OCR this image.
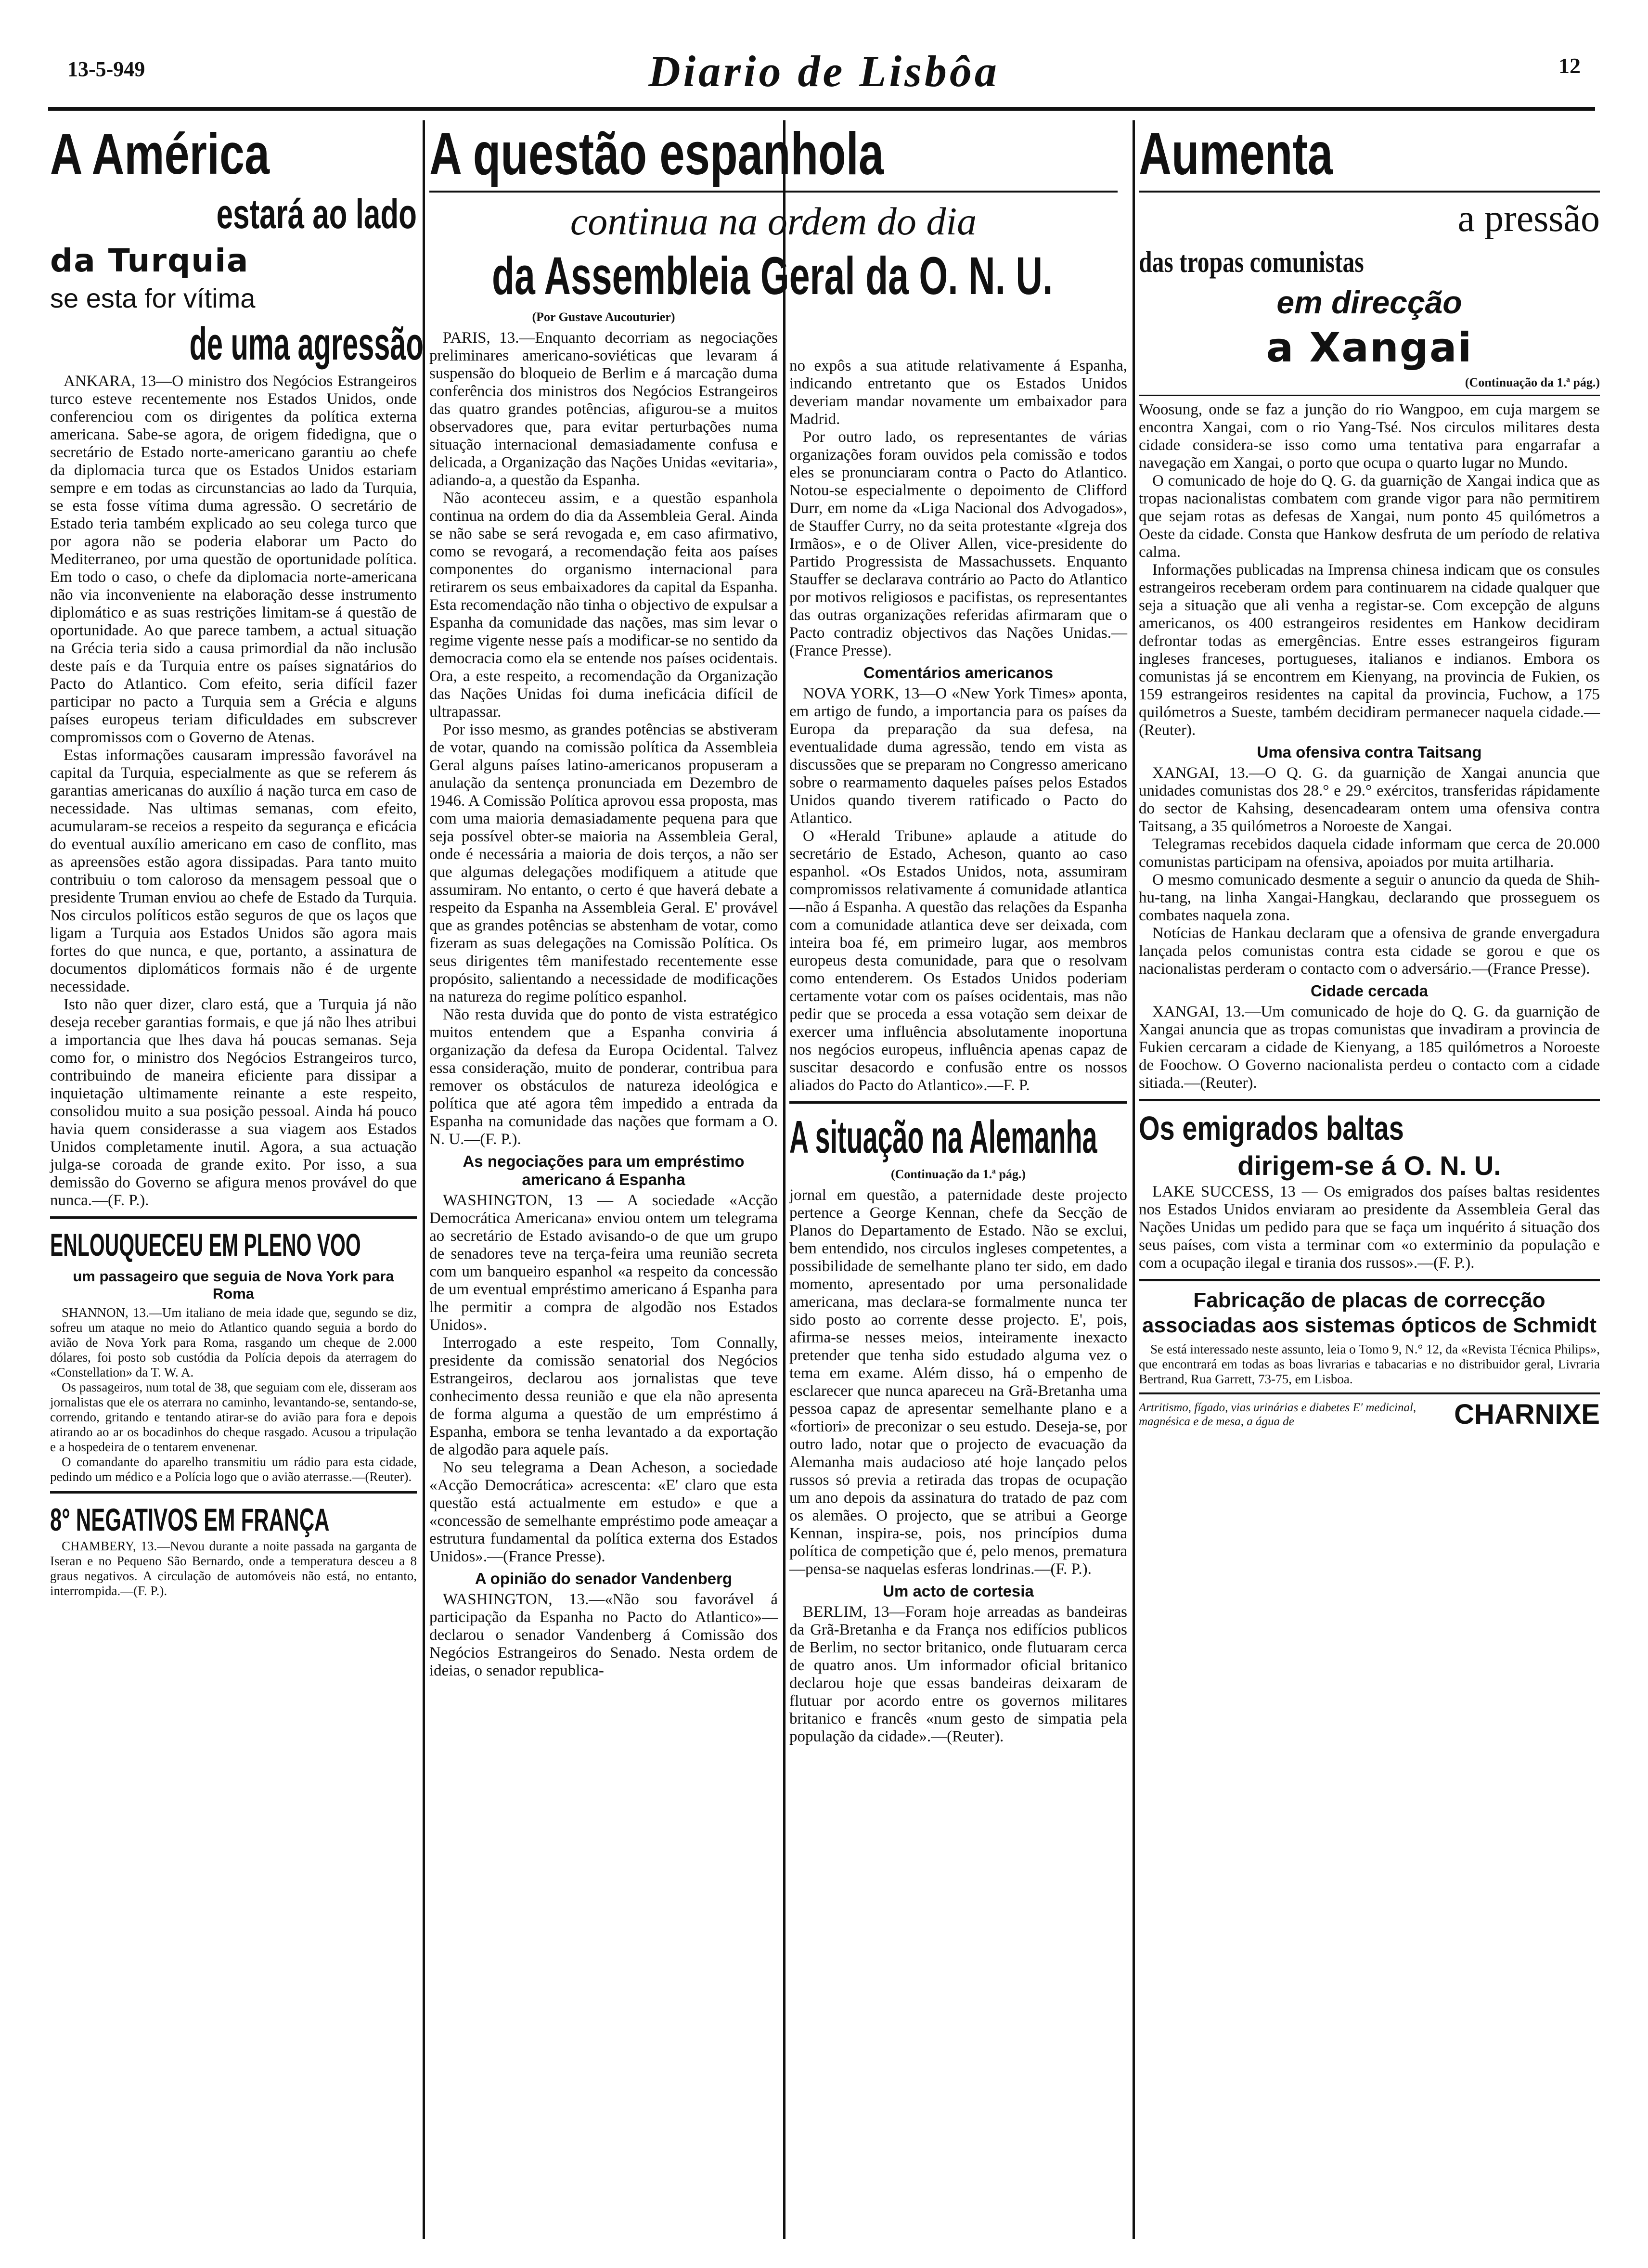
13-5-949	Diario de Lisbôa	12
A América
estará ao lado
da Turquia
se esta for vítima
de uma agressão

ANKARA, 13—O ministro dos Negócios Estrangeiros turco esteve recentemente nos Estados Unidos, onde conferenciou com os dirigentes da política externa americana. Sabe-se agora, de origem fidedigna, que o secretário de Estado norte-americano garantiu ao chefe da diplomacia turca que os Estados Unidos estariam sempre e em todas as circunstancias ao lado da Turquia, se esta fosse vítima duma agressão. O secretário de Estado teria também explicado ao seu colega turco que por agora não se poderia elaborar um Pacto do Mediterraneo, por uma questão de oportunidade política. Em todo o caso, o chefe da diplomacia norte-americana não via inconveniente na elaboração desse instrumento diplomático e as suas restrições limitam-se á questão de oportunidade. Ao que parece tambem, a actual situação na Grécia teria sido a causa primordial da não inclusão deste país e da Turquia entre os países signatários do Pacto do Atlantico. Com efeito, seria difícil fazer participar no pacto a Turquia sem a Grécia e alguns países europeus teriam dificuldades em subscrever compromissos com o Governo de Atenas.

Estas informações causaram impressão favorável na capital da Turquia, especialmente as que se referem ás garantias americanas do auxílio á nação turca em caso de necessidade. Nas ultimas semanas, com efeito, acumularam-se receios a respeito da segurança e eficácia do eventual auxílio americano em caso de conflito, mas as apreensões estão agora dissipadas. Para tanto muito contribuiu o tom caloroso da mensagem pessoal que o presidente Truman enviou ao chefe de Estado da Turquia. Nos circulos políticos estão seguros de que os laços que ligam a Turquia aos Estados Unidos são agora mais fortes do que nunca, e que, portanto, a assinatura de documentos diplomáticos formais não é de urgente necessidade.

Isto não quer dizer, claro está, que a Turquia já não deseja receber garantias formais, e que já não lhes atribui a importancia que lhes dava há poucas semanas. Seja como for, o ministro dos Negócios Estrangeiros turco, contribuindo de maneira eficiente para dissipar a inquietação ultimamente reinante a este respeito, consolidou muito a sua posição pessoal. Ainda há pouco havia quem considerasse a sua viagem aos Estados Unidos completamente inutil. Agora, a sua actuação julga-se coroada de grande exito. Por isso, a sua demissão do Governo se afigura menos provável do que nunca.—(F. P.).

ENLOUQUECEU EM PLENO VOO
um passageiro que seguia de Nova York para Roma

SHANNON, 13.—Um italiano de meia idade que, segundo se diz, sofreu um ataque no meio do Atlantico quando seguia a bordo do avião de Nova York para Roma, rasgando um cheque de 2.000 dólares, foi posto sob custódia da Polícia depois da aterragem do «Constellation» da T. W. A.

Os passageiros, num total de 38, que seguiam com ele, disseram aos jornalistas que ele os aterrara no caminho, levantando-se, sentando-se, correndo, gritando e tentando atirar-se do avião para fora e depois atirando ao ar os bocadinhos do cheque rasgado. Acusou a tripulação e a hospedeira de o tentarem envenenar.

O comandante do aparelho transmitiu um rádio para esta cidade, pedindo um médico e a Polícia logo que o avião aterrasse.—(Reuter).

8° NEGATIVOS EM FRANÇA

CHAMBERY, 13.—Nevou durante a noite passada na garganta de Iseran e no Pequeno São Bernardo, onde a temperatura desceu a 8 graus negativos. A circulação de automóveis não está, no entanto, interrompida.—(F. P.).

A questão espanhola
continua na ordem do dia
da Assembleia Geral da O. N. U.
(Por Gustave Aucouturier)

PARIS, 13.—Enquanto decorriam as negociações preliminares americano-soviéticas que levaram á suspensão do bloqueio de Berlim e á marcação duma conferência dos ministros dos Negócios Estrangeiros das quatro grandes potências, afigurou-se a muitos observadores que, para evitar perturbações numa situação internacional demasiadamente confusa e delicada, a Organização das Nações Unidas «evitaria», adiando-a, a questão da Espanha.

Não aconteceu assim, e a questão espanhola continua na ordem do dia da Assembleia Geral. Ainda se não sabe se será revogada e, em caso afirmativo, como se revogará, a recomendação feita aos países componentes do organismo internacional para retirarem os seus embaixadores da capital da Espanha. Esta recomendação não tinha o objectivo de expulsar a Espanha da comunidade das nações, mas sim levar o regime vigente nesse país a modificar-se no sentido da democracia como ela se entende nos países ocidentais. Ora, a este respeito, a recomendação da Organização das Nações Unidas foi duma ineficácia difícil de ultrapassar.

Por isso mesmo, as grandes potências se abstiveram de votar, quando na comissão política da Assembleia Geral alguns países latino-americanos propuseram a anulação da sentença pronunciada em Dezembro de 1946. A Comissão Política aprovou essa proposta, mas com uma maioria demasiadamente pequena para que seja possível obter-se maioria na Assembleia Geral, onde é necessária a maioria de dois terços, a não ser que algumas delegações modifiquem a atitude que assumiram. No entanto, o certo é que haverá debate a respeito da Espanha na Assembleia Geral. E' provável que as grandes potências se abstenham de votar, como fizeram as suas delegações na Comissão Política. Os seus dirigentes têm manifestado recentemente esse propósito, salientando a necessidade de modificações na natureza do regime político espanhol.

Não resta duvida que do ponto de vista estratégico muitos entendem que a Espanha conviria á organização da defesa da Europa Ocidental. Talvez essa consideração, muito de ponderar, contribua para remover os obstáculos de natureza ideológica e política que até agora têm impedido a entrada da Espanha na comunidade das nações que formam a O. N. U.—(F. P.).

As negociações para um empréstimo americano á Espanha

WASHINGTON, 13 — A sociedade «Acção Democrática Americana» enviou ontem um telegrama ao secretário de Estado avisando-o de que um grupo de senadores teve na terça-feira uma reunião secreta com um banqueiro espanhol «a respeito da concessão de um eventual empréstimo americano á Espanha para lhe permitir a compra de algodão nos Estados Unidos».

Interrogado a este respeito, Tom Connally, presidente da comissão senatorial dos Negócios Estrangeiros, declarou aos jornalistas que teve conhecimento dessa reunião e que ela não apresenta de forma alguma a questão de um empréstimo á Espanha, embora se tenha levantado a da exportação de algodão para aquele país.

No seu telegrama a Dean Acheson, a sociedade «Acção Democrática» acrescenta: «E' claro que esta questão está actualmente em estudo» e que a «concessão de semelhante empréstimo pode ameaçar a estrutura fundamental da política externa dos Estados Unidos».—(France Presse).

A opinião do senador Vandenberg

WASHINGTON, 13.—«Não sou favorável á participação da Espanha no Pacto do Atlantico»—declarou o senador Vandenberg á Comissão dos Negócios Estrangeiros do Senado. Nesta ordem de ideias, o senador republica-

no expôs a sua atitude relativamente á Espanha, indicando entretanto que os Estados Unidos deveriam mandar novamente um embaixador para Madrid.

Por outro lado, os representantes de várias organizações foram ouvidos pela comissão e todos eles se pronunciaram contra o Pacto do Atlantico. Notou-se especialmente o depoimento de Clifford Durr, em nome da «Liga Nacional dos Advogados», de Stauffer Curry, no da seita protestante «Igreja dos Irmãos», e o de Oliver Allen, vice-presidente do Partido Progressista de Massachussets. Enquanto Stauffer se declarava contrário ao Pacto do Atlantico por motivos religiosos e pacifistas, os representantes das outras organizações referidas afirmaram que o Pacto contradiz objectivos das Nações Unidas.—(France Presse).

Comentários americanos

NOVA YORK, 13—O «New York Times» aponta, em artigo de fundo, a importancia para os países da Europa da preparação da sua defesa, na eventualidade duma agressão, tendo em vista as discussões que se preparam no Congresso americano sobre o rearmamento daqueles países pelos Estados Unidos quando tiverem ratificado o Pacto do Atlantico.

O «Herald Tribune» aplaude a atitude do secretário de Estado, Acheson, quanto ao caso espanhol. «Os Estados Unidos, nota, assumiram compromissos relativamente á comunidade atlantica—não á Espanha. A questão das relações da Espanha com a comunidade atlantica deve ser deixada, com inteira boa fé, em primeiro lugar, aos membros europeus desta comunidade, para que o resolvam como entenderem. Os Estados Unidos poderiam certamente votar com os países ocidentais, mas não pedir que se proceda a essa votação sem deixar de exercer uma influência absolutamente inoportuna nos negócios europeus, influência apenas capaz de suscitar desacordo e confusão entre os nossos aliados do Pacto do Atlantico».—F. P.

A situação na Alemanha
(Continuação da 1.ª pág.)

jornal em questão, a paternidade deste projecto pertence a George Kennan, chefe da Secção de Planos do Departamento de Estado. Não se exclui, bem entendido, nos circulos ingleses competentes, a possibilidade de semelhante plano ter sido, em dado momento, apresentado por uma personalidade americana, mas declara-se formalmente nunca ter sido posto ao corrente desse projecto. E', pois, afirma-se nesses meios, inteiramente inexacto pretender que tenha sido estudado alguma vez o tema em exame. Além disso, há o empenho de esclarecer que nunca apareceu na Grã-Bretanha uma pessoa capaz de apresentar semelhante plano e a «fortiori» de preconizar o seu estudo. Deseja-se, por outro lado, notar que o projecto de evacuação da Alemanha mais audacioso até hoje lançado pelos russos só previa a retirada das tropas de ocupação um ano depois da assinatura do tratado de paz com os alemães. O projecto, que se atribui a George Kennan, inspira-se, pois, nos princípios duma política de competição que é, pelo menos, prematura—pensa-se naquelas esferas londrinas.—(F. P.).

Um acto de cortesia

BERLIM, 13—Foram hoje arreadas as bandeiras da Grã-Bretanha e da França nos edifícios publicos de Berlim, no sector britanico, onde flutuaram cerca de quatro anos. Um informador oficial britanico declarou hoje que essas bandeiras deixaram de flutuar por acordo entre os governos militares britanico e francês «num gesto de simpatia pela população da cidade».—(Reuter).

Aumenta
a pressão
das tropas comunistas
em direcção
a Xangai
(Continuação da 1.ª pág.)

Woosung, onde se faz a junção do rio Wangpoo, em cuja margem se encontra Xangai, com o rio Yang-Tsé. Nos circulos militares desta cidade considera-se isso como uma tentativa para engarrafar a navegação em Xangai, o porto que ocupa o quarto lugar no Mundo.

O comunicado de hoje do Q. G. da guarnição de Xangai indica que as tropas nacionalistas combatem com grande vigor para não permitirem que sejam rotas as defesas de Xangai, num ponto 45 quilómetros a Oeste da cidade. Consta que Hankow desfruta de um período de relativa calma.

Informações publicadas na Imprensa chinesa indicam que os consules estrangeiros receberam ordem para continuarem na cidade qualquer que seja a situação que ali venha a registar-se. Com excepção de alguns americanos, os 400 estrangeiros residentes em Hankow decidiram defrontar todas as emergências. Entre esses estrangeiros figuram ingleses franceses, portugueses, italianos e indianos. Embora os comunistas já se encontrem em Kienyang, na provincia de Fukien, os 159 estrangeiros residentes na capital da provincia, Fuchow, a 175 quilómetros a Sueste, também decidiram permanecer naquela cidade.—(Reuter).

Uma ofensiva contra Taitsang

XANGAI, 13.—O Q. G. da guarnição de Xangai anuncia que unidades comunistas dos 28.° e 29.° exércitos, transferidas rápidamente do sector de Kahsing, desencadearam ontem uma ofensiva contra Taitsang, a 35 quilómetros a Noroeste de Xangai.

Telegramas recebidos daquela cidade informam que cerca de 20.000 comunistas participam na ofensiva, apoiados por muita artilharia.

O mesmo comunicado desmente a seguir o anuncio da queda de Shih-hu-tang, na linha Xangai-Hangkau, declarando que prosseguem os combates naquela zona.

Notícias de Hankau declaram que a ofensiva de grande envergadura lançada pelos comunistas contra esta cidade se gorou e que os nacionalistas perderam o contacto com o adversário.—(France Presse).

Cidade cercada

XANGAI, 13.—Um comunicado de hoje do Q. G. da guarnição de Xangai anuncia que as tropas comunistas que invadiram a provincia de Fukien cercaram a cidade de Kienyang, a 185 quilómetros a Noroeste de Foochow. O Governo nacionalista perdeu o contacto com a cidade sitiada.—(Reuter).

Os emigrados baltas
dirigem-se á O. N. U.

LAKE SUCCESS, 13 — Os emigrados dos países baltas residentes nos Estados Unidos enviaram ao presidente da Assembleia Geral das Nações Unidas um pedido para que se faça um inquérito á situação dos seus países, com vista a terminar com «o exterminio da população e com a ocupação ilegal e tirania dos russos».—(F. P.).

Fabricação de placas de correcção associadas aos sistemas ópticos de Schmidt

Se está interessado neste assunto, leia o Tomo 9, N.° 12, da «Revista Técnica Philips», que encontrará em todas as boas livrarias e tabacarias e no distribuidor geral, Livraria Bertrand, Rua Garrett, 73-75, em Lisboa.

Artritismo, fígado, vias urinárias e diabetes E' medicinal, magnésica e de mesa, a água de	CHARNIXE
